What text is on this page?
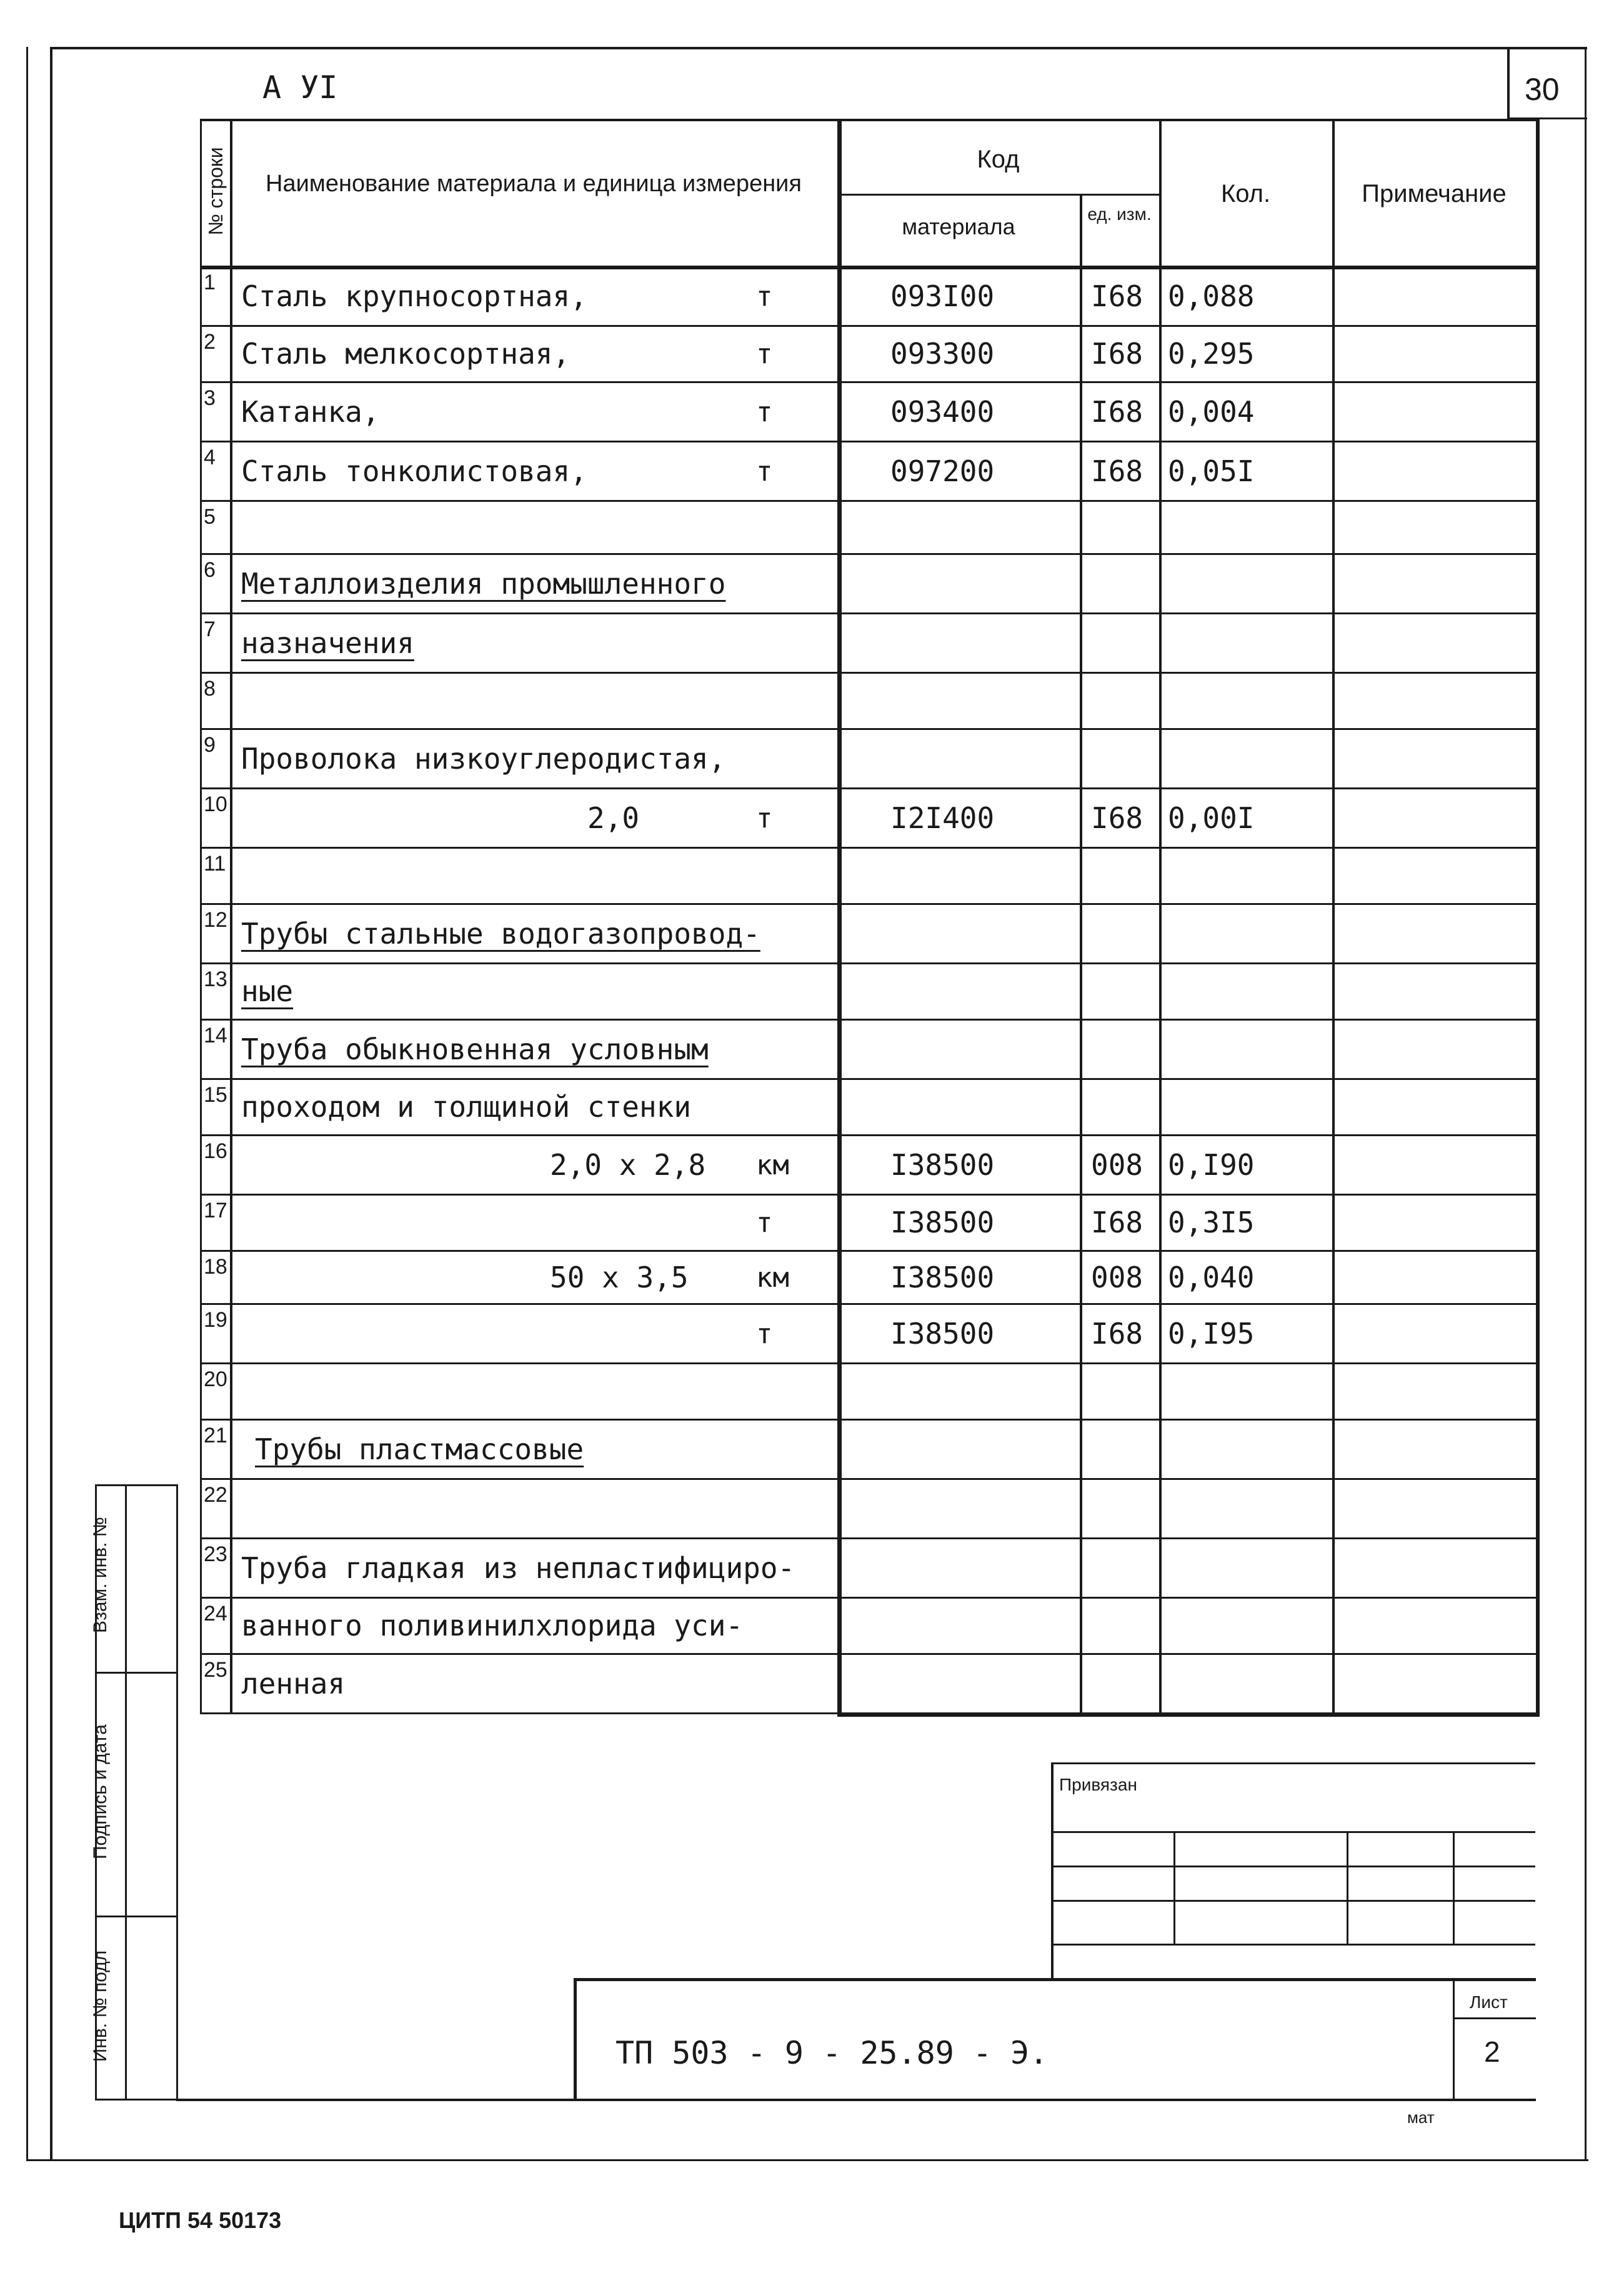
А УI	30
№ строки	Наименование материала и единица измерения
Код
материала	ед. изм.
Кол.	Примечание
1 Сталь крупносортная,	т	093I00	I68 0,088
2 Сталь мелкосортная,	т	093300	I68 0,295
3 Катанка,	т	093400	I68 0,004
4 Сталь тонколистовая,	т	097200	I68 0,05I
5
6 Металлоизделия промышленного
7 назначения
8
9 Проволока низкоуглеродистая,
10	2,0	т	I2I400	I68 0,00I
11
12 Трубы стальные водогазопровод-
13 ные
14 Труба обыкновенная условным
15 проходом и толщиной стенки
16	2,0 х 2,8 км	I38500	008 0,I90
17	т	I38500	I68 0,3I5
18	50 х 3,5 км	I38500	008 0,040
19	т	I38500	I68 0,I95
20
21 Трубы пластмассовые
22
23 Труба гладкая из непластифициро-
24 ванного поливинилхлорида уси-
25 ленная
Взам. инв. №
Подпись и дата
Инв. № подл
Привязан
ТП 503 - 9 - 25.89 - Э.
Лист
2
мат
ЦИТП 54 50173
